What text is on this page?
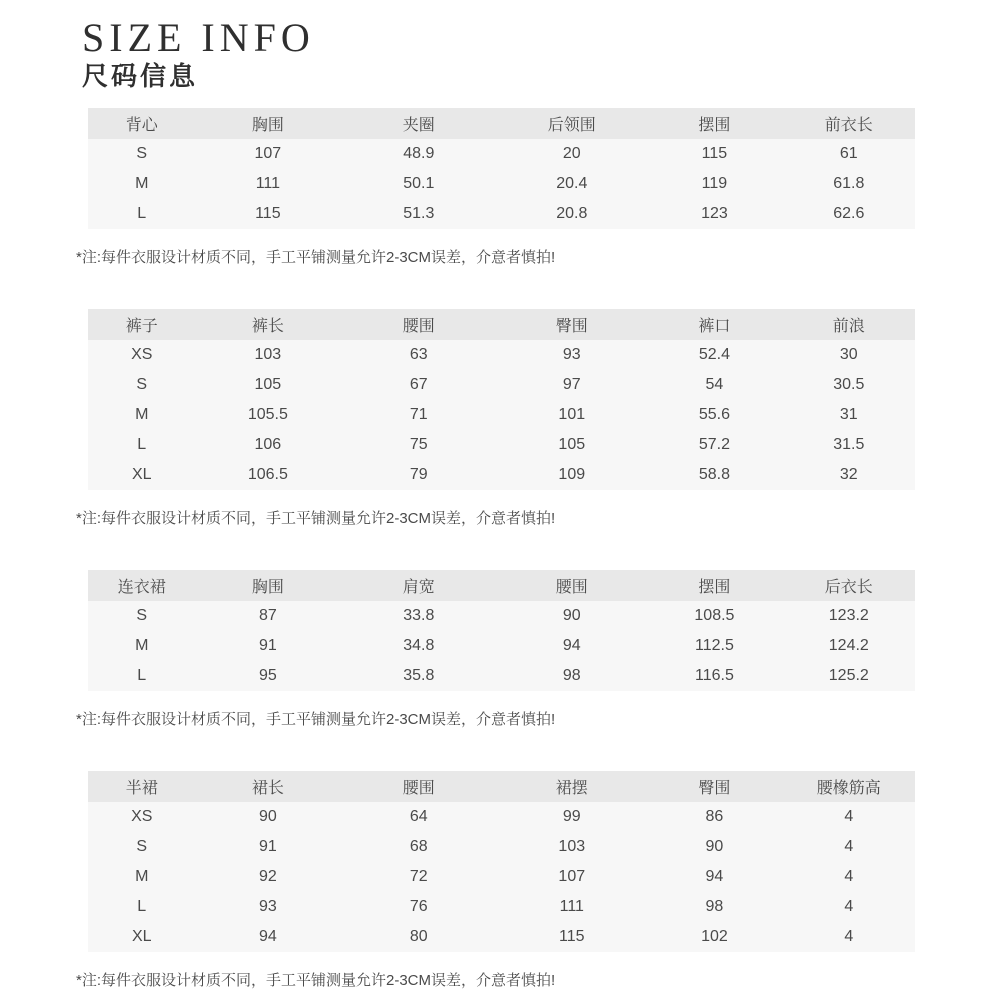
SIZE INFO
尺码信息
背心	胸围	夹圈	后领围	摆围	前衣长
S	107	48.9	20	115	61
M	111	50.1	20.4	119	61.8
L	115	51.3	20.8	123	62.6

*注:每件衣服设计材质不同，手工平铺测量允许2-3CM误差，介意者慎拍!

裤子	裤长	腰围	臀围	裤口	前浪
XS	103	63	93	52.4	30
S	105	67	97	54	30.5
M	105.5	71	101	55.6	31
L	106	75	105	57.2	31.5
XL	106.5	79	109	58.8	32

*注:每件衣服设计材质不同，手工平铺测量允许2-3CM误差，介意者慎拍!

连衣裙	胸围	肩宽	腰围	摆围	后衣长
S	87	33.8	90	108.5	123.2
M	91	34.8	94	112.5	124.2
L	95	35.8	98	116.5	125.2

*注:每件衣服设计材质不同，手工平铺测量允许2-3CM误差，介意者慎拍!

半裙	裙长	腰围	裙摆	臀围	腰橡筋高
XS	90	64	99	86	4
S	91	68	103	90	4
M	92	72	107	94	4
L	93	76	111	98	4
XL	94	80	115	102	4

*注:每件衣服设计材质不同，手工平铺测量允许2-3CM误差，介意者慎拍!
